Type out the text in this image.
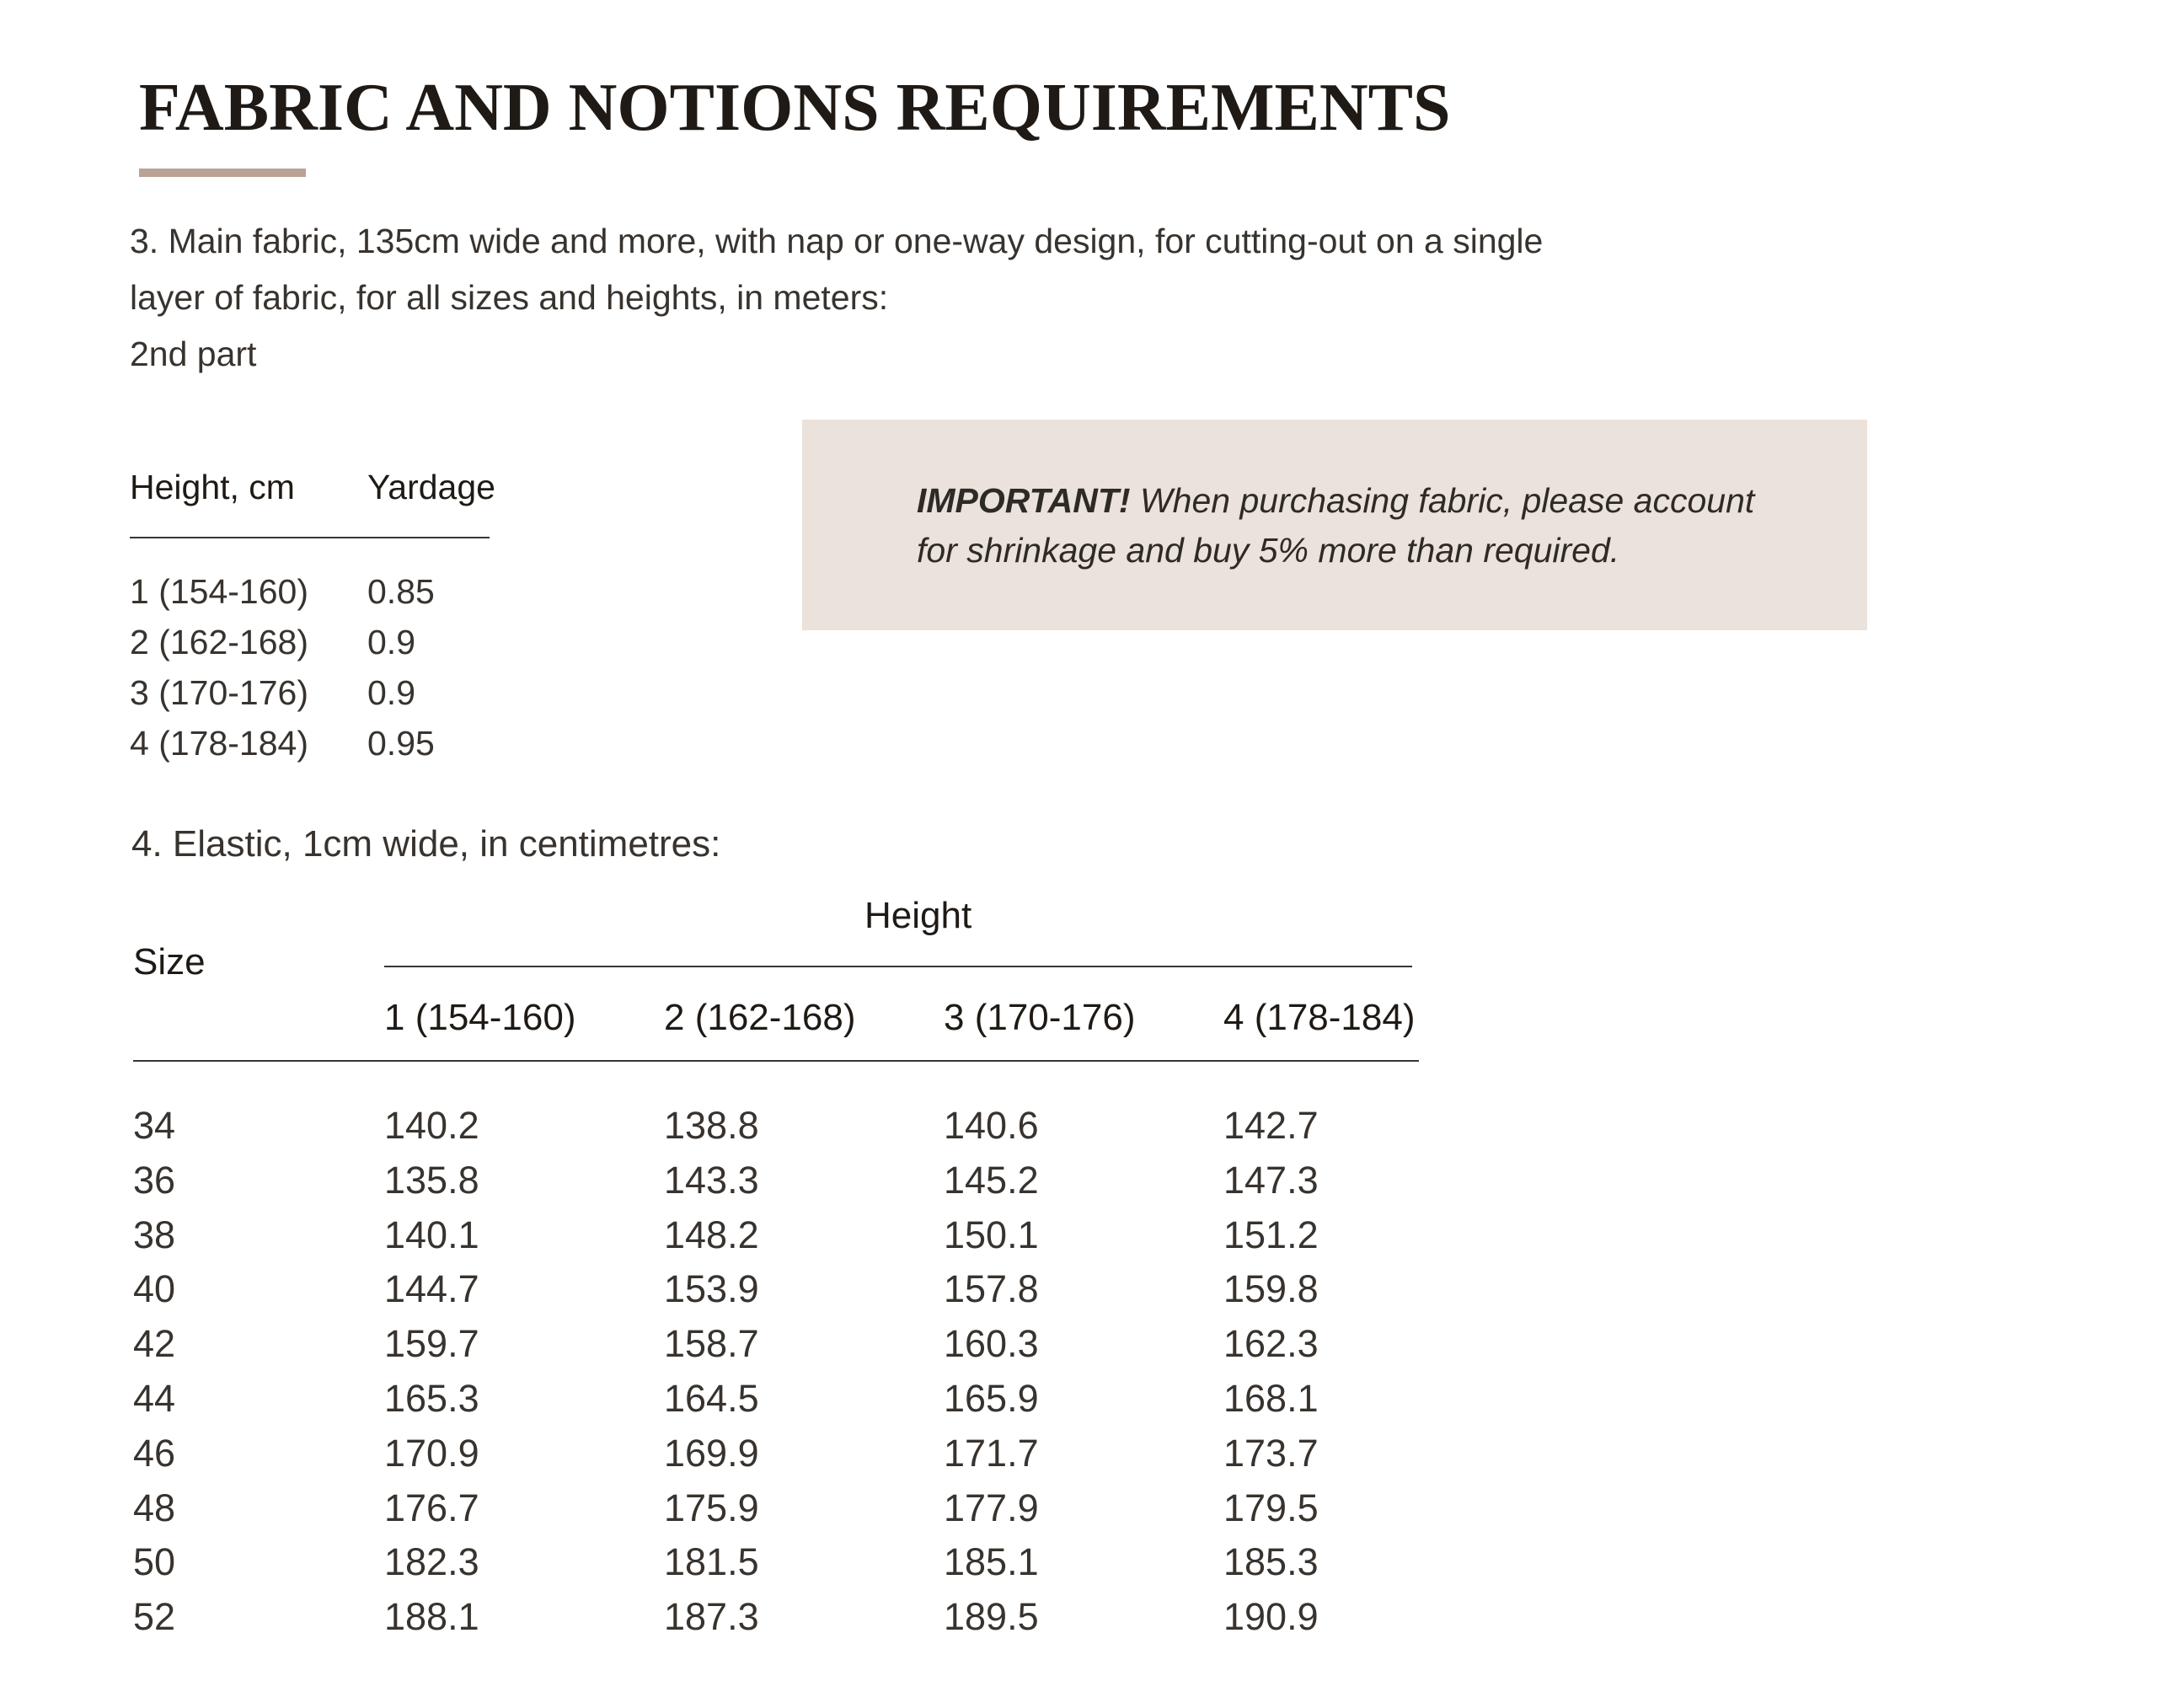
FABRIC AND NOTIONS REQUIREMENTS
3. Main fabric, 135cm wide and more, with nap or one-way design, for cutting-out on a single
layer of fabric, for all sizes and heights, in meters:
2nd part
Height, cm Yardage
1 (154-160) 0.85
2 (162-168) 0.9
3 (170-176) 0.9
4 (178-184) 0.95

IMPORTANT! When purchasing fabric, please account for shrinkage and buy 5% more than required.

4. Elastic, 1cm wide, in centimetres:

Height
Size
1 (154-160) 2 (162-168) 3 (170-176) 4 (178-184)
34	140.2	138.8	140.6	142.7
36	135.8	143.3	145.2	147.3
38	140.1	148.2	150.1	151.2
40	144.7	153.9	157.8	159.8
42	159.7	158.7	160.3	162.3
44	165.3	164.5	165.9	168.1
46	170.9	169.9	171.7	173.7
48	176.7	175.9	177.9	179.5
50	182.3	181.5	185.1	185.3
52	188.1	187.3	189.5	190.9
